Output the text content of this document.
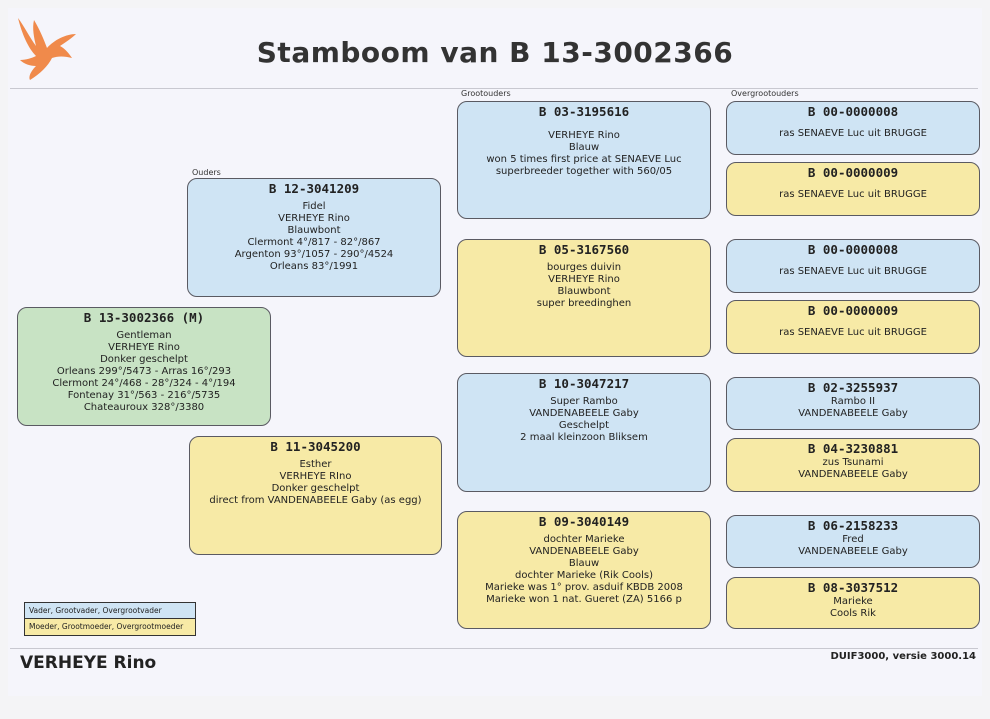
Stamboom van B 13-3002366
Ouders
Grootouders	Overgrootouders
B 13-3002366 (M)
Gentleman
VERHEYE Rino
Donker geschelpt
Orleans 299°/5473 - Arras 16°/293
Clermont 24°/468 - 28°/324 - 4°/194
Fontenay 31°/563 - 216°/5735
Chateauroux 328°/3380
B 12-3041209
Fidel
VERHEYE Rino
Blauwbont
Clermont 4°/817 - 82°/867
Argenton 93°/1057 - 290°/4524
Orleans 83°/1991
B 11-3045200
Esther
VERHEYE RIno
Donker geschelpt
direct from VANDENABEELE Gaby (as egg)
B 03-3195616
VERHEYE Rino
Blauw
won 5 times first price at SENAEVE Luc
superbreeder together with 560/05
B 05-3167560
bourges duivin
VERHEYE Rino
Blauwbont
super breedinghen
B 10-3047217
Super Rambo
VANDENABEELE Gaby
Geschelpt
2 maal kleinzoon Bliksem
B 09-3040149
dochter Marieke
VANDENABEELE Gaby
Blauw
dochter Marieke (Rik Cools)
Marieke was 1° prov. asduif KBDB 2008
Marieke won 1 nat. Gueret (ZA) 5166 p
B 00-0000008
ras SENAEVE Luc uit BRUGGE
B 00-0000009
ras SENAEVE Luc uit BRUGGE
B 00-0000008
ras SENAEVE Luc uit BRUGGE
B 00-0000009
ras SENAEVE Luc uit BRUGGE
B 02-3255937
Rambo II
VANDENABEELE Gaby
B 04-3230881
zus Tsunami
VANDENABEELE Gaby
B 06-2158233
Fred
VANDENABEELE Gaby
B 08-3037512
Marieke
Cools Rik
Vader, Grootvader, Overgrootvader
Moeder, Grootmoeder, Overgrootmoeder
VERHEYE Rino	DUIF3000, versie 3000.14
